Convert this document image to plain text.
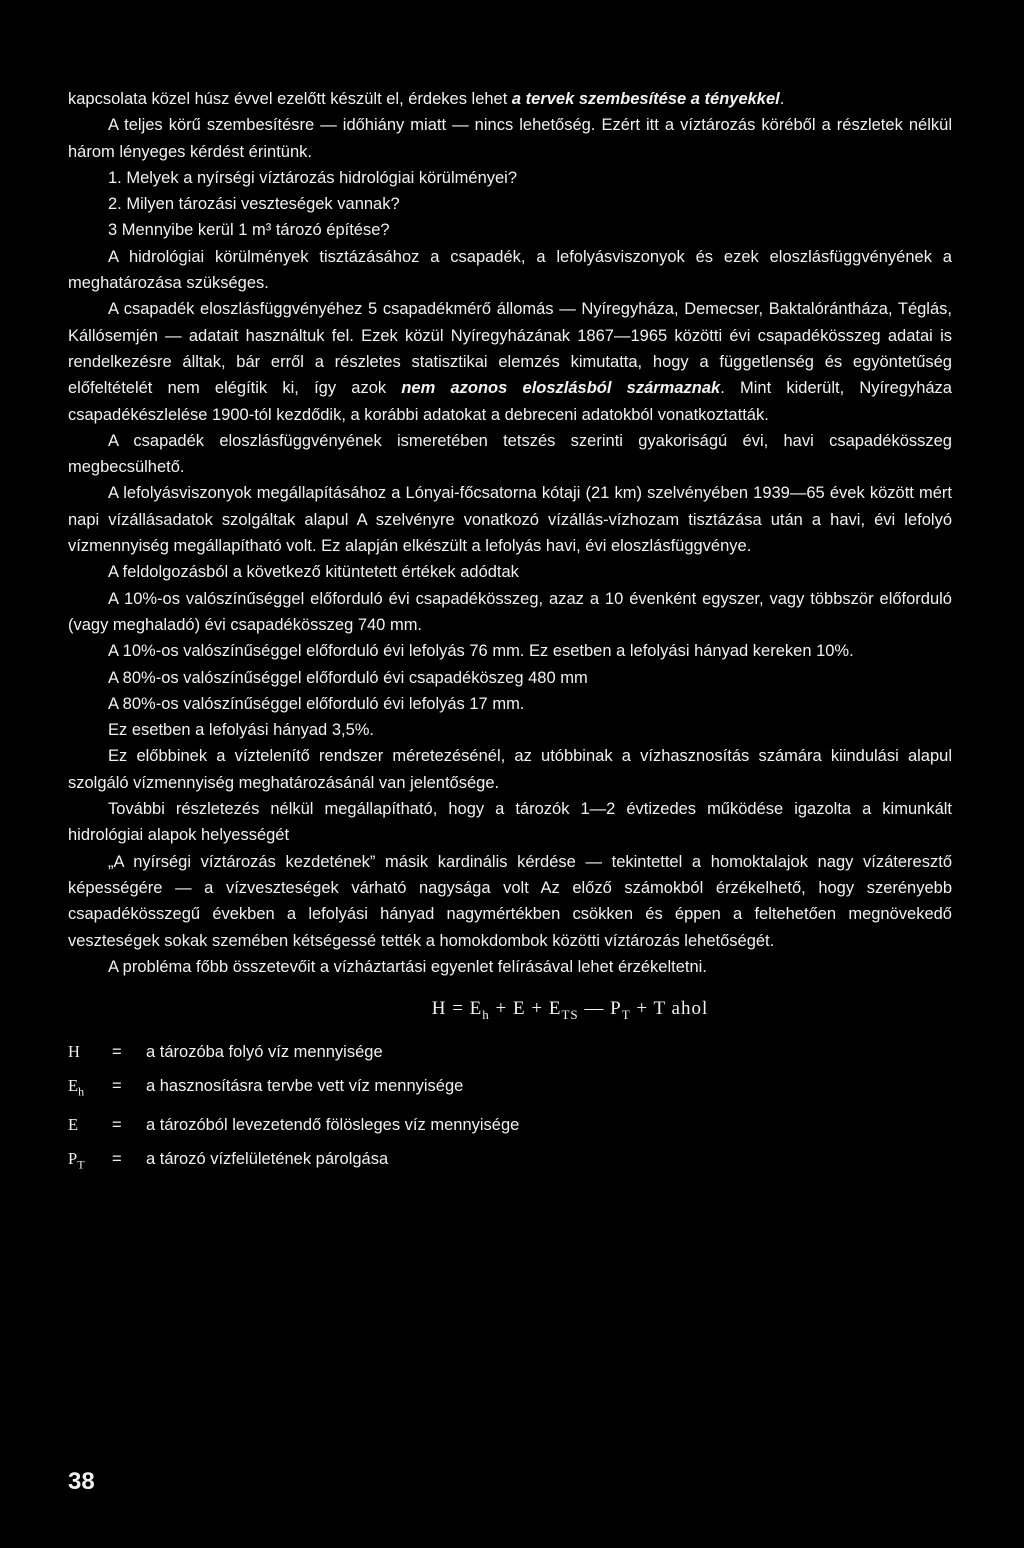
kapcsolata közel húsz évvel ezelőtt készült el, érdekes lehet a tervek szembesítése a tényekkel.

A teljes körű szembesítésre — időhiány miatt — nincs lehetőség. Ezért itt a víztározás köréből a részletek nélkül három lényeges kérdést érintünk.

1. Melyek a nyírségi víztározás hidrológiai körülményei?

2. Milyen tározási veszteségek vannak?

3 Mennyibe kerül 1 m³ tározó építése?

A hidrológiai körülmények tisztázásához a csapadék, a lefolyásviszonyok és ezek eloszlásfüggvényének a meghatározása szükséges.

A csapadék eloszlásfüggvényéhez 5 csapadékmérő állomás — Nyíregyháza, Demecser, Baktalórántháza, Téglás, Kállósemjén — adatait használtuk fel. Ezek közül Nyíregyházának 1867—1965 közötti évi csapadékösszeg adatai is rendelkezésre álltak, bár erről a részletes statisztikai elemzés kimutatta, hogy a függetlenség és egyöntetűség előfeltételét nem elégítik ki, így azok nem azonos eloszlásból származnak. Mint kiderült, Nyíregyháza csapadékészlelése 1900-tól kezdődik, a korábbi adatokat a debreceni adatokból vonatkoztatták.

A csapadék eloszlásfüggvényének ismeretében tetszés szerinti gyakoriságú évi, havi csapadékösszeg megbecsülhető.

A lefolyásviszonyok megállapításához a Lónyai-főcsatorna kótaji (21 km) szelvényében 1939—65 évek között mért napi vízállásadatok szolgáltak alapul A szelvényre vonatkozó vízállás-vízhozam tisztázása után a havi, évi lefolyó vízmennyiség megállapítható volt. Ez alapján elkészült a lefolyás havi, évi eloszlásfüggvénye.

A feldolgozásból a következő kitüntetett értékek adódtak

A 10%-os valószínűséggel előforduló évi csapadékösszeg, azaz a 10 évenként egyszer, vagy többször előforduló (vagy meghaladó) évi csapadékösszeg 740 mm.

A 10%-os valószínűséggel előforduló évi lefolyás 76 mm. Ez esetben a lefolyási hányad kereken 10%.

A 80%-os valószínűséggel előforduló évi csapadéköszeg 480 mm

A 80%-os valószínűséggel előforduló évi lefolyás 17 mm.

Ez esetben a lefolyási hányad 3,5%.

Ez előbbinek a víztelenítő rendszer méretezésénél, az utóbbinak a vízhasznosítás számára kiindulási alapul szolgáló vízmennyiség meghatározásánál van jelentősége.

További részletezés nélkül megállapítható, hogy a tározók 1—2 évtizedes működése igazolta a kimunkált hidrológiai alapok helyességét

„A nyírségi víztározás kezdetének” másik kardinális kérdése — tekintettel a homoktalajok nagy vízáteresztő képességére — a vízveszteségek várható nagysága volt Az előző számokból érzékelhető, hogy szerényebb csapadékösszegű években a lefolyási hányad nagymértékben csökken és éppen a feltehetően megnövekedő veszteségek sokak szemében kétségessé tették a homokdombok közötti víztározás lehetőségét.

A probléma főbb összetevőit a vízháztartási egyenlet felírásával lehet érzékeltetni.

$H = E_h + E + E_{TS}$ — $P_T + T$ ahol
H	=	a tározóba folyó víz mennyisége
$E_h$	=	a hasznosításra tervbe vett víz mennyisége
E	=	a tározóból levezetendő fölösleges víz mennyisége
$P_T$	=	a tározó vízfelületének párolgása
38
